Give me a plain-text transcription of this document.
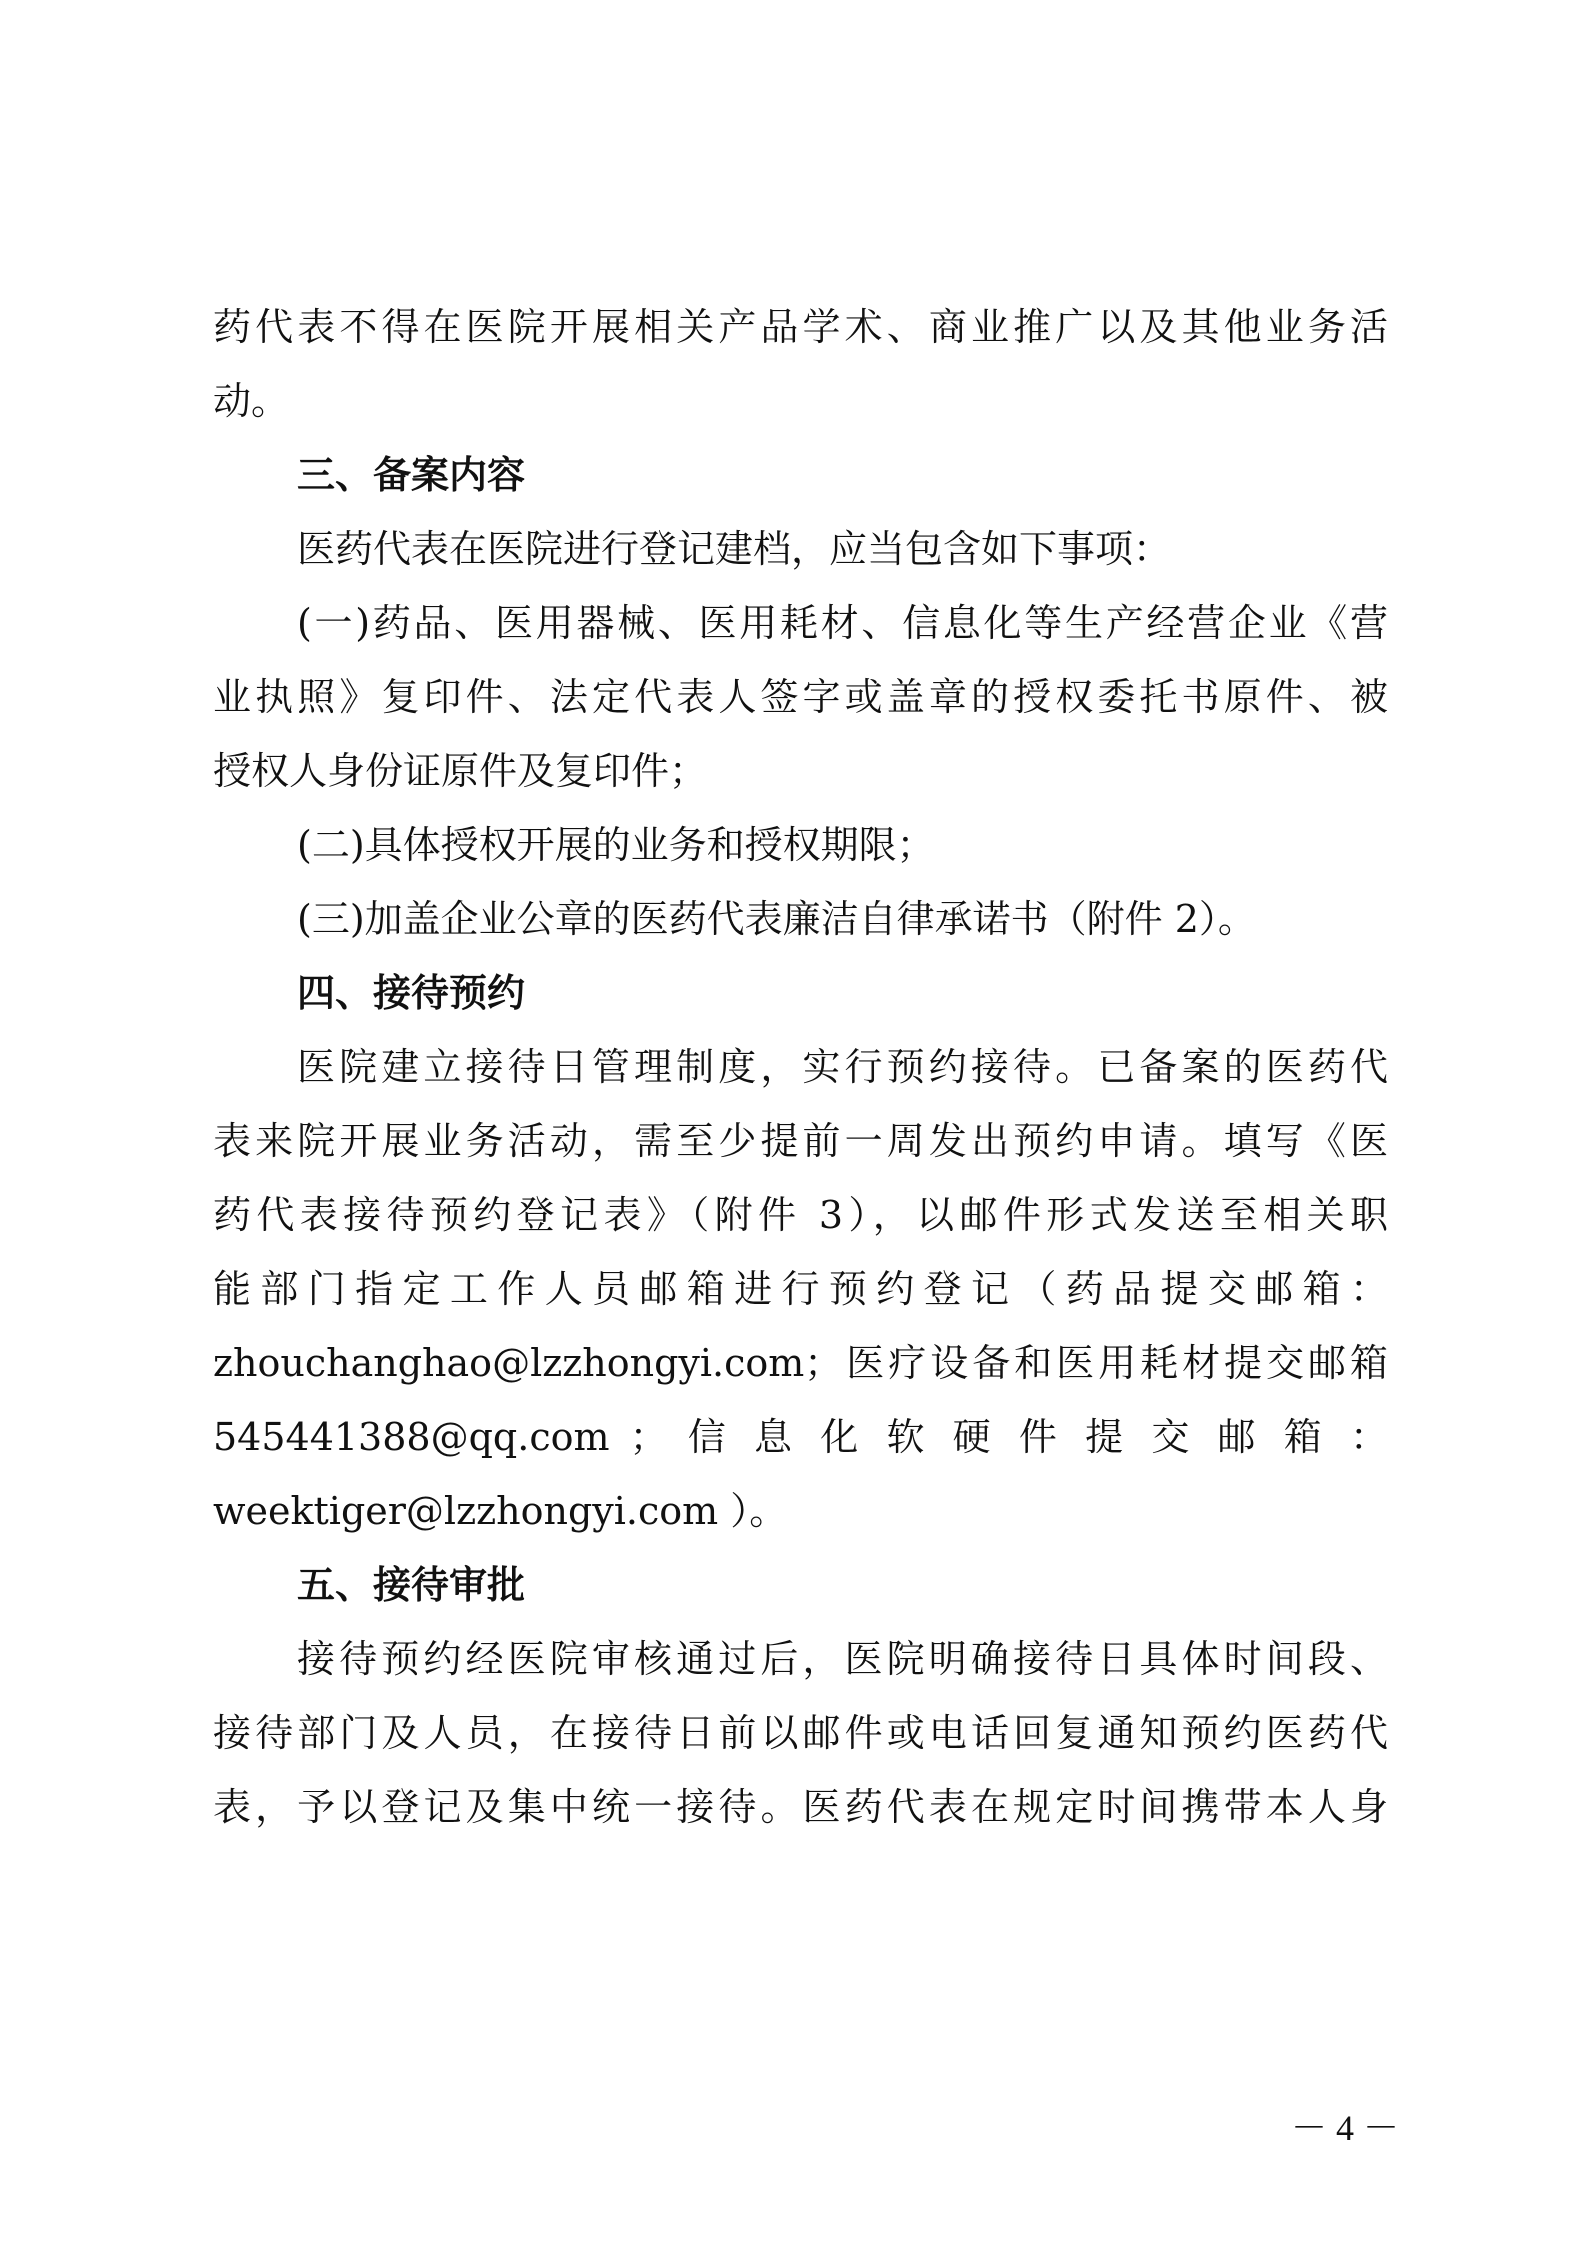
药代表不得在医院开展相关产品学术、商业推广以及其他业务活
动。
三、备案内容
医药代表在医院进行登记建档，应当包含如下事项：
(一)药品、医用器械、医用耗材、信息化等生产经营企业《营
业执照》复印件、法定代表人签字或盖章的授权委托书原件、被
授权人身份证原件及复印件；
(二)具体授权开展的业务和授权期限；
(三)加盖企业公章的医药代表廉洁自律承诺书（附件 2）。
四、接待预约
医院建立接待日管理制度，实行预约接待。已备案的医药代
表来院开展业务活动，需至少提前一周发出预约申请。填写《医
药代表接待预约登记表》（附件 3），以邮件形式发送至相关职
能部门指定工作人员邮箱进行预约登记（药品提交邮箱：
zhouchanghao@lzzhongyi.com；医疗设备和医用耗材提交邮箱
545441388@qq.com ； 信 息 化 软 硬 件 提 交 邮 箱 ：
weektiger@lzzhongyi.com ）。
五、接待审批
接待预约经医院审核通过后，医院明确接待日具体时间段、
接待部门及人员，在接待日前以邮件或电话回复通知预约医药代
表，予以登记及集中统一接待。医药代表在规定时间携带本人身
－ 4 －
